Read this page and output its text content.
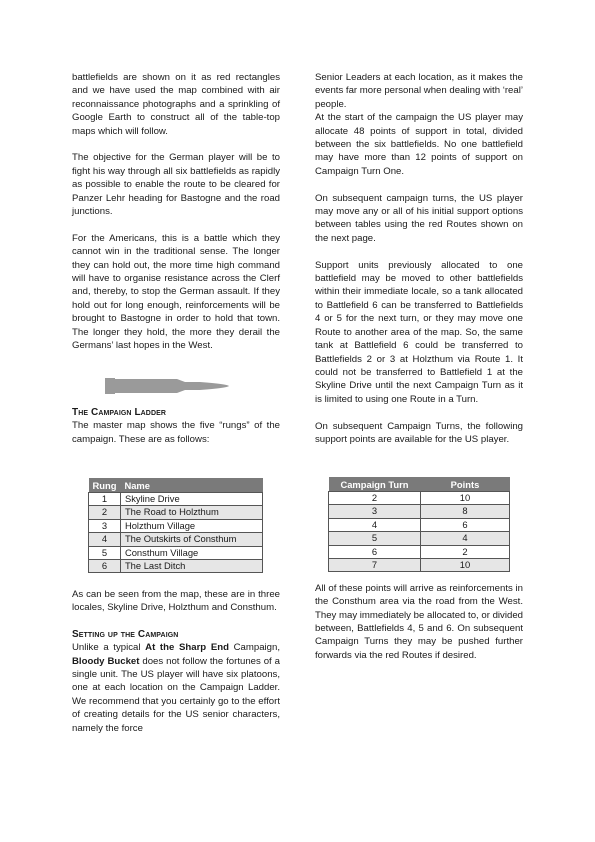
battlefields are shown on it as red rectangles and we have used the map combined with air reconnaissance photographs and a sprinkling of Google Earth to construct all of the table-top maps which will follow.

The objective for the German player will be to fight his way through all six battlefields as rapidly as possible to enable the route to be cleared for Panzer Lehr heading for Bastogne and the road junctions.

For the Americans, this is a battle which they cannot win in the traditional sense. The longer they can hold out, the more time high command will have to organise resistance across the Clerf and, thereby, to stop the German assault. If they hold out for long enough, reinforcements will be brought to Bastogne in order to hold that town. The longer they hold, the more they derail the Germans’ last hopes in the West.

The Campaign Ladder

The master map shows the five “rungs” of the campaign. These are as follows:

As can be seen from the map, these are in three locales, Skyline Drive, Holzthum and Consthum.

Setting up the Campaign

Unlike a typical At the Sharp End Campaign, Bloody Bucket does not follow the fortunes of a single unit. The US player will have six platoons, one at each location on the Campaign Ladder. We recommend that you certainly go to the effort of creating details for the US senior characters, namely the force

Rung	Name
1	Skyline Drive
2	The Road to Holzthum
3	Holzthum Village
4	The Outskirts of Consthum
5	Consthum Village
6	The Last Ditch

Senior Leaders at each location, as it makes the events far more personal when dealing with ‘real’ people.

At the start of the campaign the US player may allocate 48 points of support in total, divided between the six battlefields. No one battlefield may have more than 12 points of support on Campaign Turn One.

On subsequent campaign turns, the US player may move any or all of his initial support options between tables using the red Routes shown on the next page.

Support units previously allocated to one battlefield may be moved to other battlefields within their immediate locale, so a tank allocated to Battlefield 6 can be transferred to Battlefields 4 or 5 for the next turn, or they may move one Route to another area of the map. So, the same tank at Battlefield 6 could be transferred to Battlefields 2 or 3 at Holzthum via Route 1. It could not be transferred to Battlefield 1 at the Skyline Drive until the next Campaign Turn as it is limited to using one Route in a Turn.

On subsequent Campaign Turns, the following support points are available for the US player.

All of these points will arrive as reinforcements in the Consthum area via the road from the West. They may immediately be allocated to, or divided between, Battlefields 4, 5 and 6. On subsequent Campaign Turns they may be pushed further forwards via the red Routes if desired.

Campaign Turn	Points
2	10
3	8
4	6
5	4
6	2
7	10
